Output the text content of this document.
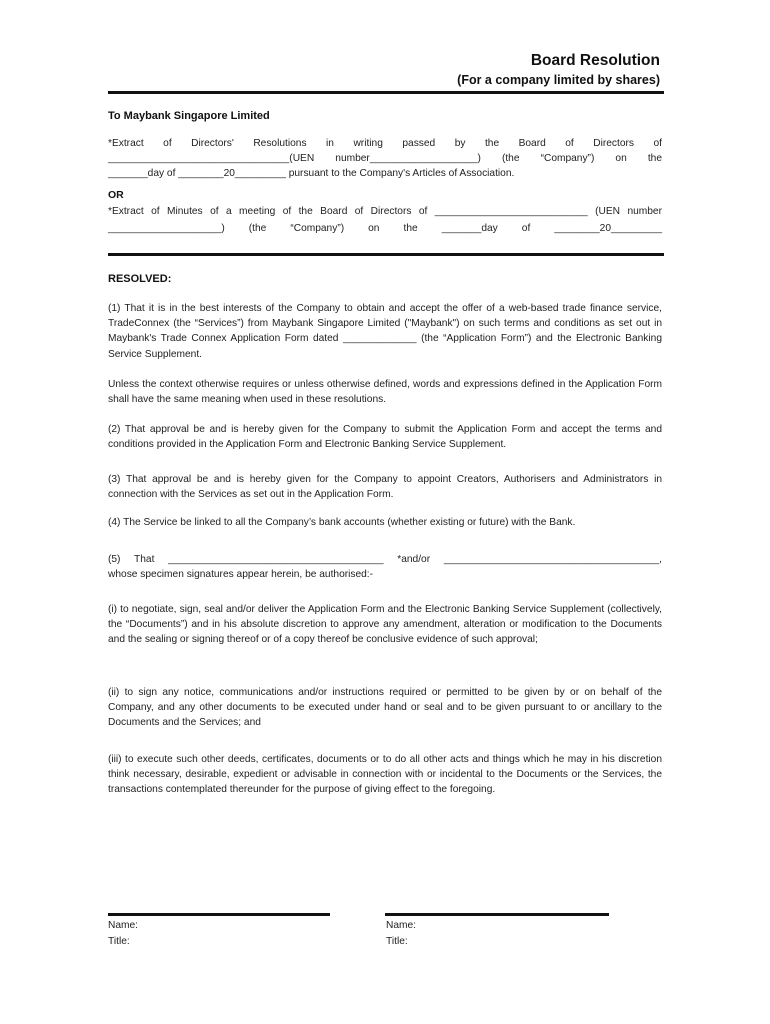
Board Resolution
(For a company limited by shares)
To Maybank Singapore Limited

*Extract of Directors' Resolutions in writing passed by the Board of Directors of

________________________________(UEN number___________________) (the “Company”) on the

_______day of ________20_________ pursuant to the Company's Articles of Association.

OR

*Extract of Minutes of a meeting of the Board of Directors of ___________________________ (UEN number

____________________) (the “Company”) on the _______day of ________20_________

RESOLVED:

(1) That it is in the best interests of the Company to obtain and accept the offer of a web-based trade finance service, TradeConnex (the “Services”) from Maybank Singapore Limited ("Maybank") on such terms and conditions as set out in Maybank's Trade Connex Application Form dated _____________ (the “Application Form”) and the Electronic Banking Service Supplement.

Unless the context otherwise requires or unless otherwise defined, words and expressions defined in the Application Form shall have the same meaning when used in these resolutions.

(2) That approval be and is hereby given for the Company to submit the Application Form and accept the terms and conditions provided in the Application Form and Electronic Banking Service Supplement.

(3) That approval be and is hereby given for the Company to appoint Creators, Authorisers and Administrators in connection with the Services as set out in the Application Form.

(4) The Service be linked to all the Company’s bank accounts (whether existing or future) with the Bank.

(5) That ______________________________________ *and/or ______________________________________,

whose specimen signatures appear herein, be authorised:-

(i) to negotiate, sign, seal and/or deliver the Application Form and the Electronic Banking Service Supplement (collectively, the “Documents”) and in his absolute discretion to approve any amendment, alteration or modification to the Documents and the sealing or signing thereof or of a copy thereof be conclusive evidence of such approval;

(ii) to sign any notice, communications and/or instructions required or permitted to be given by or on behalf of the Company, and any other documents to be executed under hand or seal and to be given pursuant to or ancillary to the Documents and the Services; and

(iii) to execute such other deeds, certificates, documents or to do all other acts and things which he may in his discretion think necessary, desirable, expedient or advisable in connection with or incidental to the Documents or the Services, the transactions contemplated thereunder for the purpose of giving effect to the foregoing.

Name:
Title:
Name:
Title:
